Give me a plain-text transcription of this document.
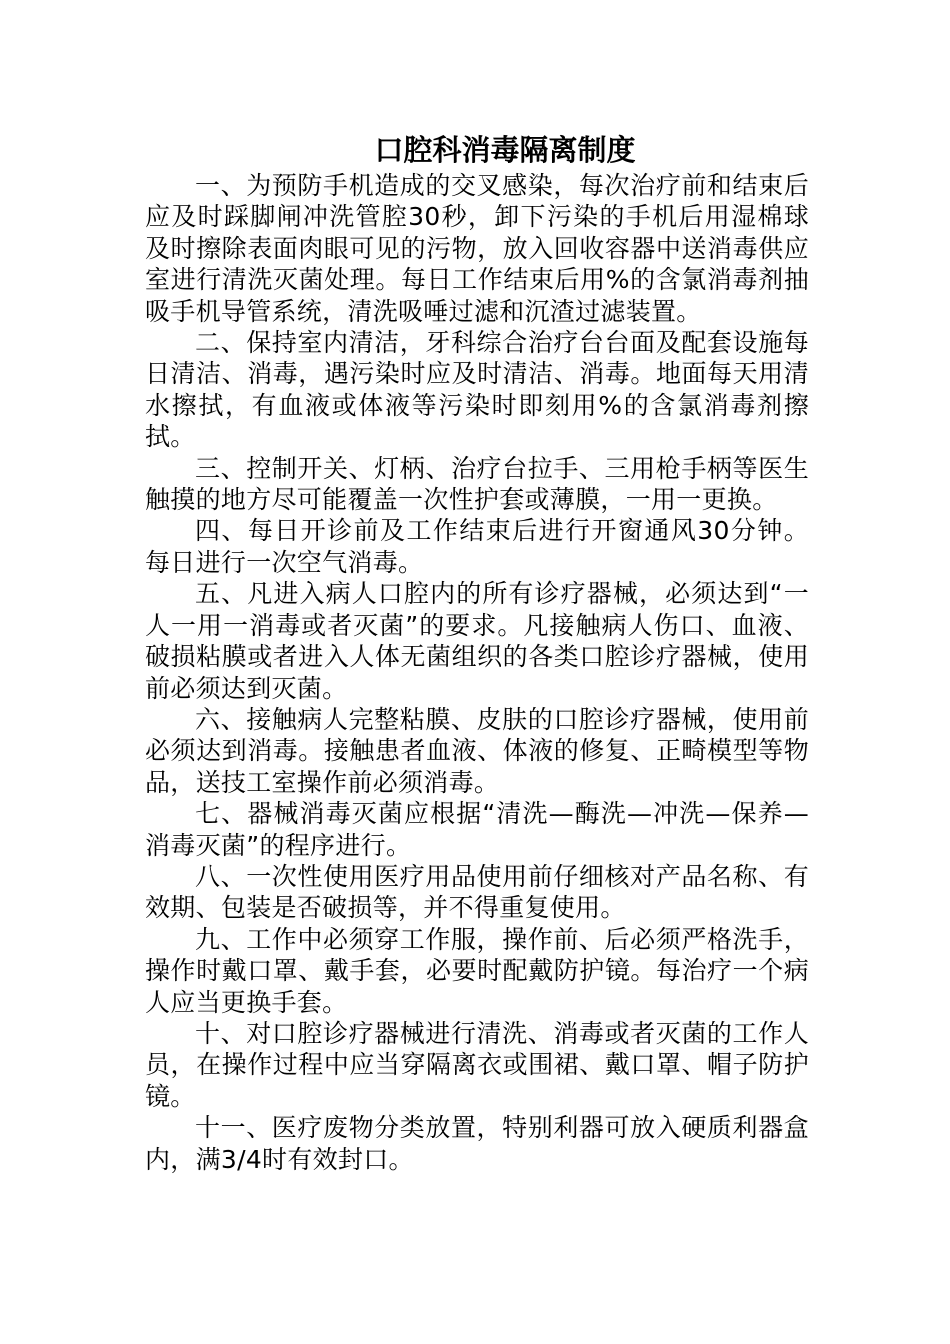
口腔科消毒隔离制度

一、为预防手机造成的交叉感染，每次治疗前和结束后应及时踩脚闸冲洗管腔30秒，卸下污染的手机后用湿棉球及时擦除表面肉眼可见的污物，放入回收容器中送消毒供应室进行清洗灭菌处理。每日工作结束后用%的含氯消毒剂抽吸手机导管系统，清洗吸唾过滤和沉渣过滤装置。

二、保持室内清洁，牙科综合治疗台台面及配套设施每日清洁、消毒，遇污染时应及时清洁、消毒。地面每天用清水擦拭，有血液或体液等污染时即刻用%的含氯消毒剂擦拭。

三、控制开关、灯柄、治疗台拉手、三用枪手柄等医生触摸的地方尽可能覆盖一次性护套或薄膜，一用一更换。

四、每日开诊前及工作结束后进行开窗通风30分钟。每日进行一次空气消毒。

五、凡进入病人口腔内的所有诊疗器械，必须达到“一人一用一消毒或者灭菌”的要求。凡接触病人伤口、血液、破损粘膜或者进入人体无菌组织的各类口腔诊疗器械，使用前必须达到灭菌。

六、接触病人完整粘膜、皮肤的口腔诊疗器械，使用前必须达到消毒。接触患者血液、体液的修复、正畸模型等物品，送技工室操作前必须消毒。

七、器械消毒灭菌应根据“清洗—酶洗—冲洗—保养—消毒灭菌”的程序进行。

八、一次性使用医疗用品使用前仔细核对产品名称、有效期、包装是否破损等，并不得重复使用。

九、工作中必须穿工作服，操作前、后必须严格洗手，操作时戴口罩、戴手套，必要时配戴防护镜。每治疗一个病人应当更换手套。

十、对口腔诊疗器械进行清洗、消毒或者灭菌的工作人员，在操作过程中应当穿隔离衣或围裙、戴口罩、帽子防护镜。

十一、医疗废物分类放置，特别利器可放入硬质利器盒内，满3/4时有效封口。
